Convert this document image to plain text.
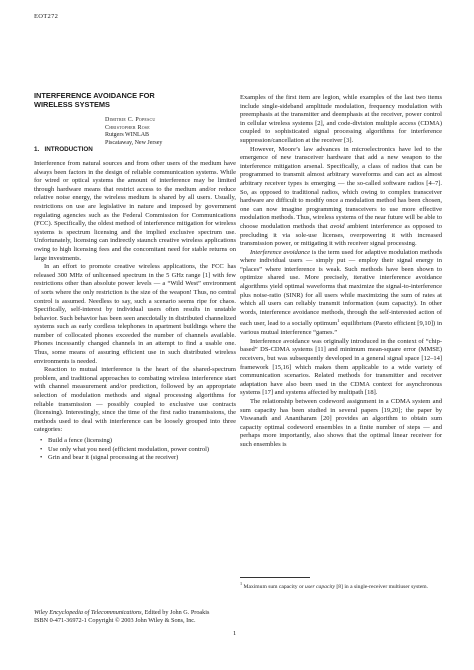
EOT272
INTERFERENCE AVOIDANCE FOR WIRELESS SYSTEMS
Dimitrie C. Popescu
Christopher Rose
Rutgers WINLAB
Piscataway, New Jersey
1.   INTRODUCTION

Interference from natural sources and from other users of the medium have always been factors in the design of reliable communication systems. While for wired or optical systems the amount of interference may be limited through hardware means that restrict access to the medium and/or reduce relative noise energy, the wireless medium is shared by all users. Usually, restrictions on use are legislative in nature and imposed by government regulating agencies such as the Federal Commission for Communications (FCC). Specifically, the oldest method of interference mitigation for wireless systems is spectrum licensing and the implied exclusive spectrum use. Unfortunately, licensing can indirectly staunch creative wireless applications owing to high licensing fees and the concomitant need for stable returns on large investments.

In an effort to promote creative wireless applications, the FCC has released 300 MHz of unlicensed spectrum in the 5 GHz range [1] with few restrictions other than absolute power levels — a “Wild West” environment of sorts where the only restriction is the size of the weapon! Thus, no central control is assumed. Needless to say, such a scenario seems ripe for chaos. Specifically, self-interest by individual users often results in unstable behavior. Such behavior has been seen anecdotally in distributed channelized systems such as early cordless telephones in apartment buildings where the number of collocated phones exceeded the number of channels available. Phones incessantly changed channels in an attempt to find a usable one. Thus, some means of assuring efficient use in such distributed wireless environments is needed.

Reaction to mutual interference is the heart of the shared-spectrum problem, and traditional approaches to combating wireless interference start with channel measurement and/or prediction, followed by an appropriate selection of modulation methods and signal processing algorithms for reliable transmission — possibly coupled to exclusive use contracts (licensing). Interestingly, since the time of the first radio transmissions, the methods used to deal with interference can be loosely grouped into three categories:

• Build a fence (licensing)
• Use only what you need (efficient modulation, power control)
• Grin and bear it (signal processing at the receiver)

Examples of the first item are legion, while examples of the last two items include single-sideband amplitude modulation, frequency modulation with preemphasis at the transmitter and deemphasis at the receiver, power control in cellular wireless systems [2], and code-division multiple access (CDMA) coupled to sophisticated signal processing algorithms for interference suppression/cancellation at the receiver [3].

However, Moore’s law advances in microelectronics have led to the emergence of new transceiver hardware that add a new weapon to the interference mitigation arsenal. Specifically, a class of radios that can be programmed to transmit almost arbitrary waveforms and can act as almost arbitrary receiver types is emerging — the so-called software radios [4–7]. So, as opposed to traditional radios, which owing to complex transceiver hardware are difficult to modify once a modulation method has been chosen, one can now imagine programming transceivers to use more effective modulation methods. Thus, wireless systems of the near future will be able to choose modulation methods that avoid ambient interference as opposed to precluding it via sole-use licenses, overpowering it with increased transmission power, or mitigating it with receiver signal processing.

Interference avoidance is the term used for adaptive modulation methods where individual users — simply put — employ their signal energy in “places” where interference is weak. Such methods have been shown to optimize shared use. More precisely, iterative interference avoidance algorithms yield optimal waveforms that maximize the signal-to-interference plus noise-ratio (SINR) for all users while maximizing the sum of rates at which all users can reliably transmit information (sum capacity). In other words, interference avoidance methods, through the self-interested action of each user, lead to a socially optimum$^1$ equilibrium (Pareto efficient [9,10]) in various mutual interference “games.”

Interference avoidance was originally introduced in the context of “chip-based” DS-CDMA systems [11] and minimum mean-square error (MMSE) receivers, but was subsequently developed in a general signal space [12–14] framework [15,16] which makes them applicable to a wide variety of communication scenarios. Related methods for transmitter and receiver adaptation have also been used in the CDMA context for asynchronous systems [17] and systems affected by multipath [18].

The relationship between codeword assignment in a CDMA system and sum capacity has been studied in several papers [19,20]; the paper by Viswanath and Anantharam [20] provides an algorithm to obtain sum capacity optimal codeword ensembles in a finite number of steps — and perhaps more importantly, also shows that the optimal linear receiver for such ensembles is

$^1$ Maximum sum capacity or user capacity [8] in a single-receiver multiuser system.
Wiley Encyclopedia of Telecommunications, Edited by John G. Proakis
ISBN 0-471-36972-1 Copyright © 2003 John Wiley & Sons, Inc.
1
